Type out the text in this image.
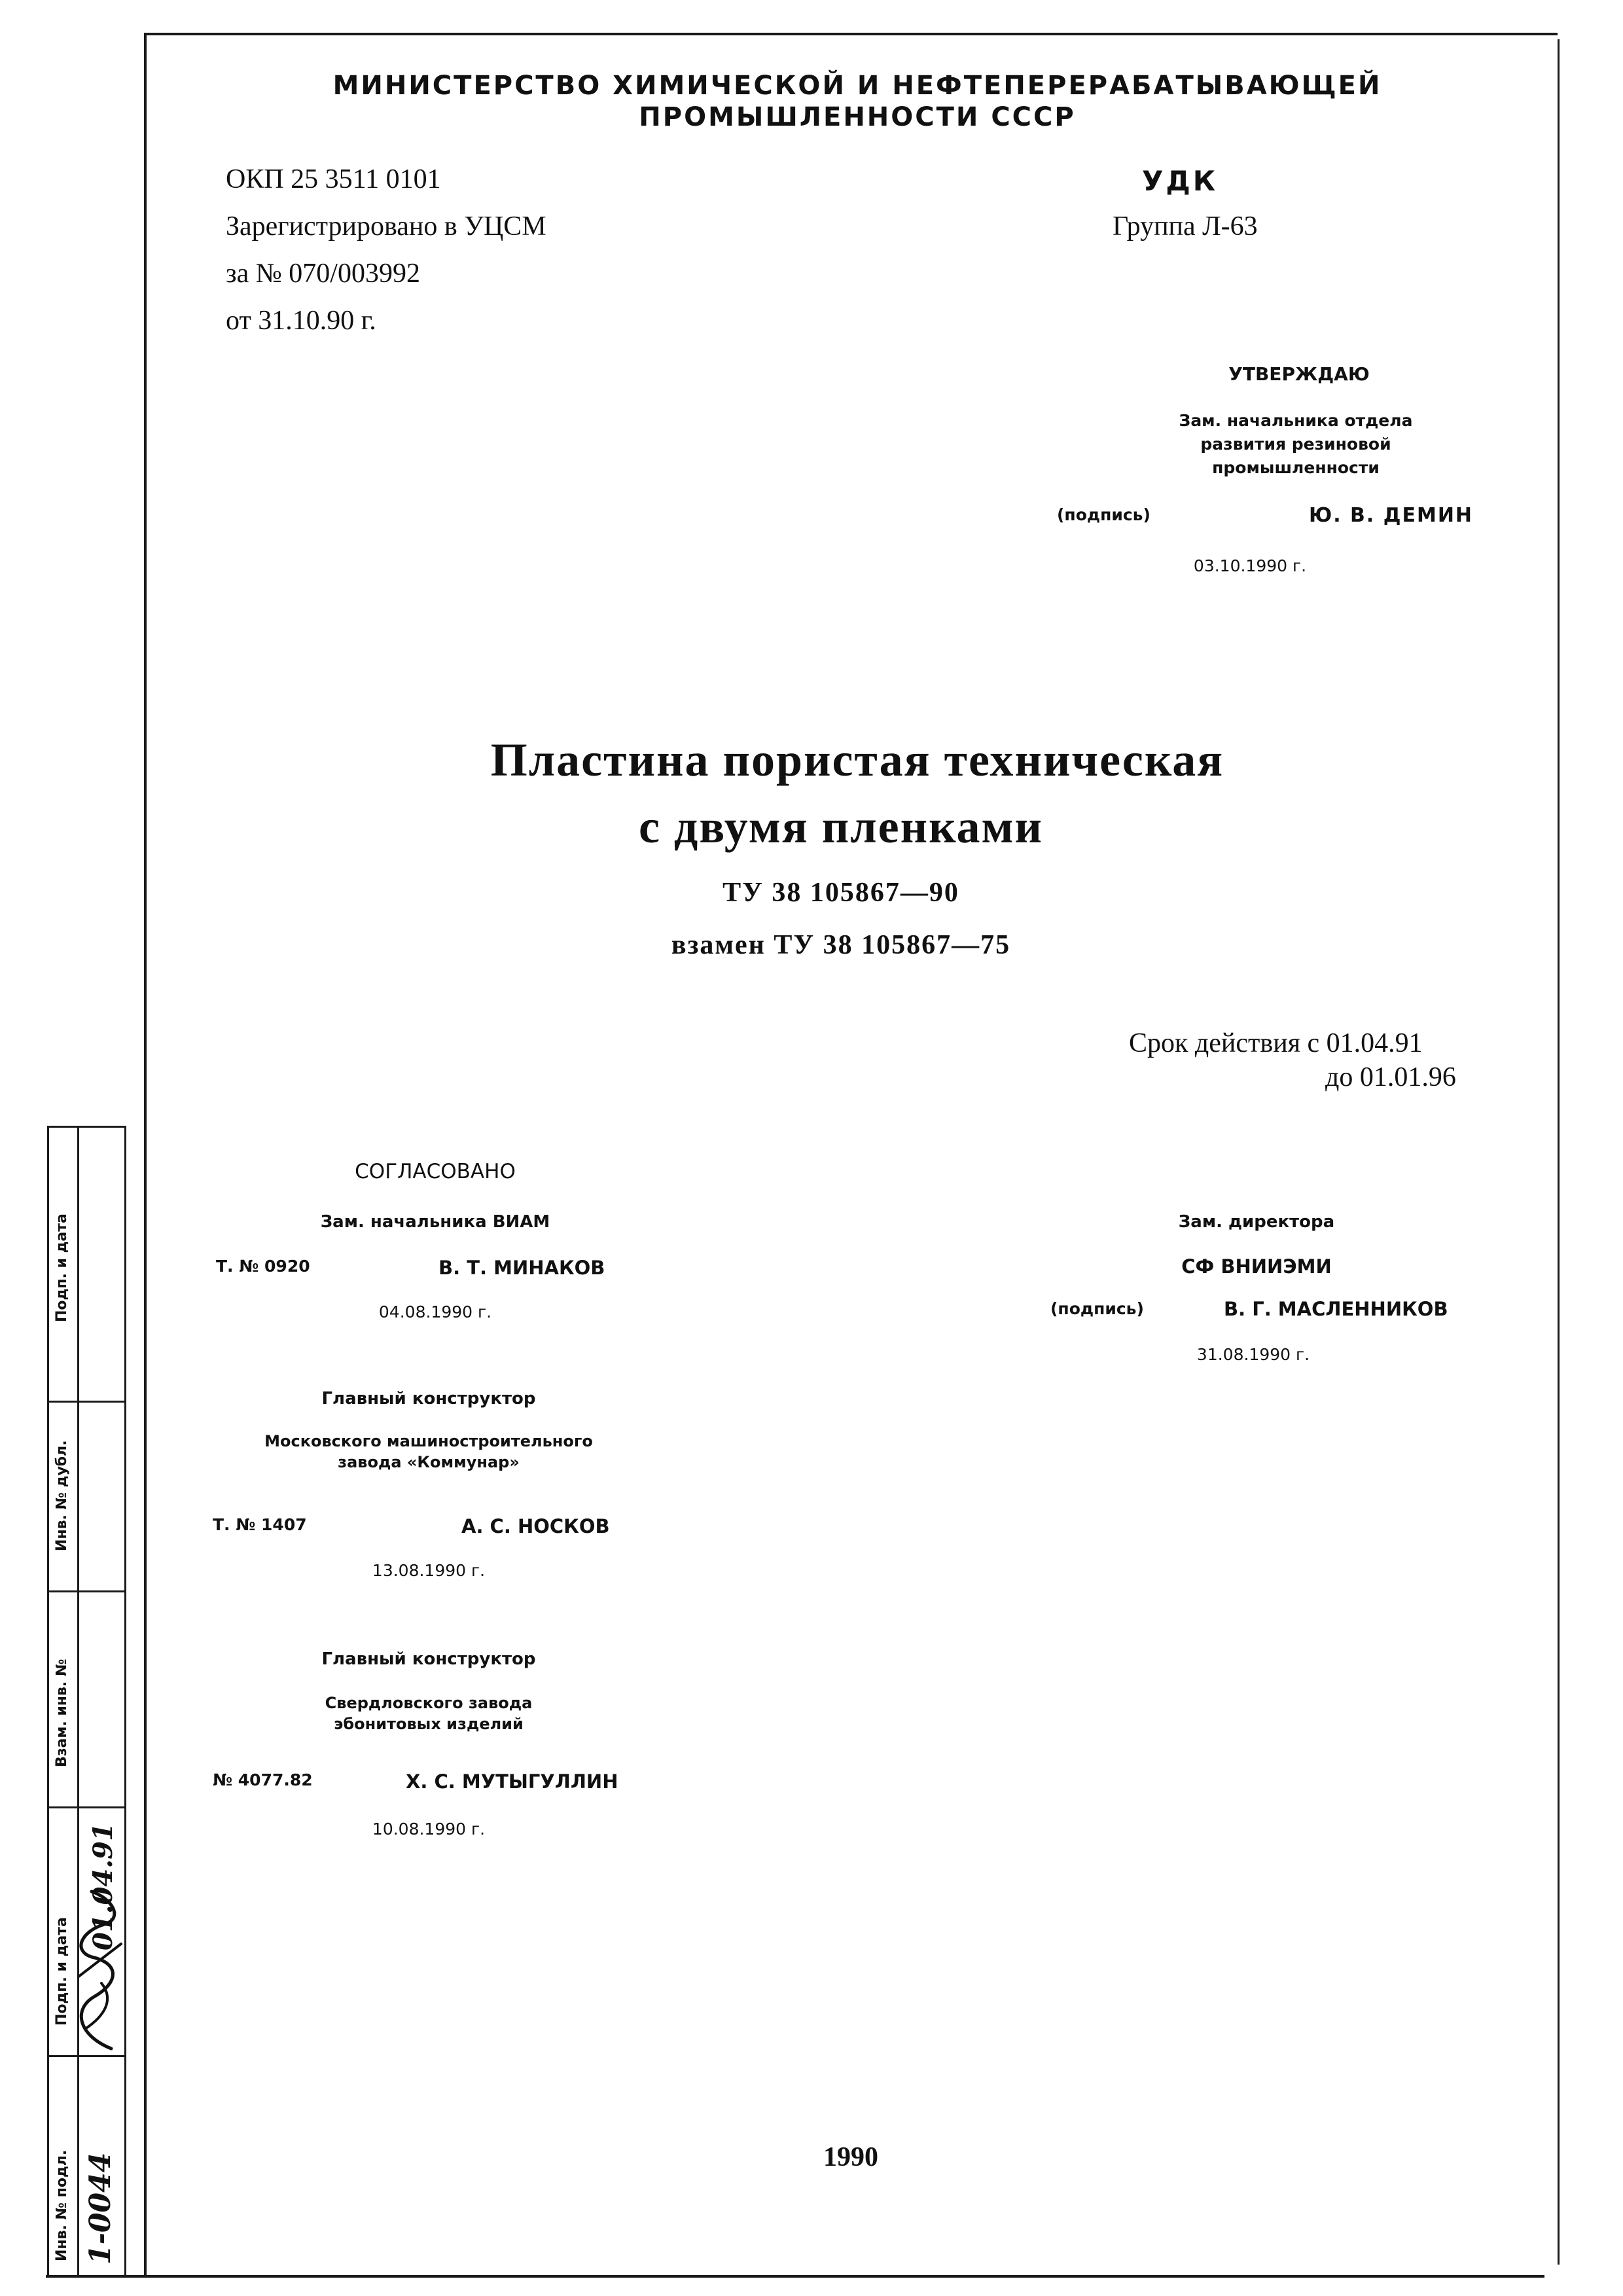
МИНИСТЕРСТВО ХИМИЧЕСКОЙ И НЕФТЕПЕРЕРАБАТЫВАЮЩЕЙ
ПРОМЫШЛЕННОСТИ СССР
ОКП 25 3511 0101
Зарегистрировано в УЦСМ
за № 070/003992
от 31.10.90 г.
УДК
Группа Л-63
УТВЕРЖДАЮ
Зам. начальника отдела
развития резиновой
промышленности
(подпись)	Ю. В. ДЕМИН
03.10.1990 г.
Пластина пористая техническая
с двумя пленками
ТУ 38 105867—90
взамен ТУ 38 105867—75
Срок действия с 01.04.91
до 01.01.96
СОГЛАСОВАНО
Зам. начальника ВИАМ
Т. № 0920	В. Т. МИНАКОВ
04.08.1990 г.
Главный конструктор
Московского машиностроительного
завода «Коммунар»
Т. № 1407	А. С. НОСКОВ
13.08.1990 г.
Главный конструктор
Свердловского завода
эбонитовых изделий
№ 4077.82	Х. С. МУТЫГУЛЛИН
10.08.1990 г.
Зам. директора
СФ ВНИИЭМИ
(подпись)	В. Г. МАСЛЕННИКОВ
31.08.1990 г.
1990
Подп. и дата
Инв. № дубл.
Взам. инв. №
Подп. и дата
Инв. № подл. 1-0044
01.04.91
